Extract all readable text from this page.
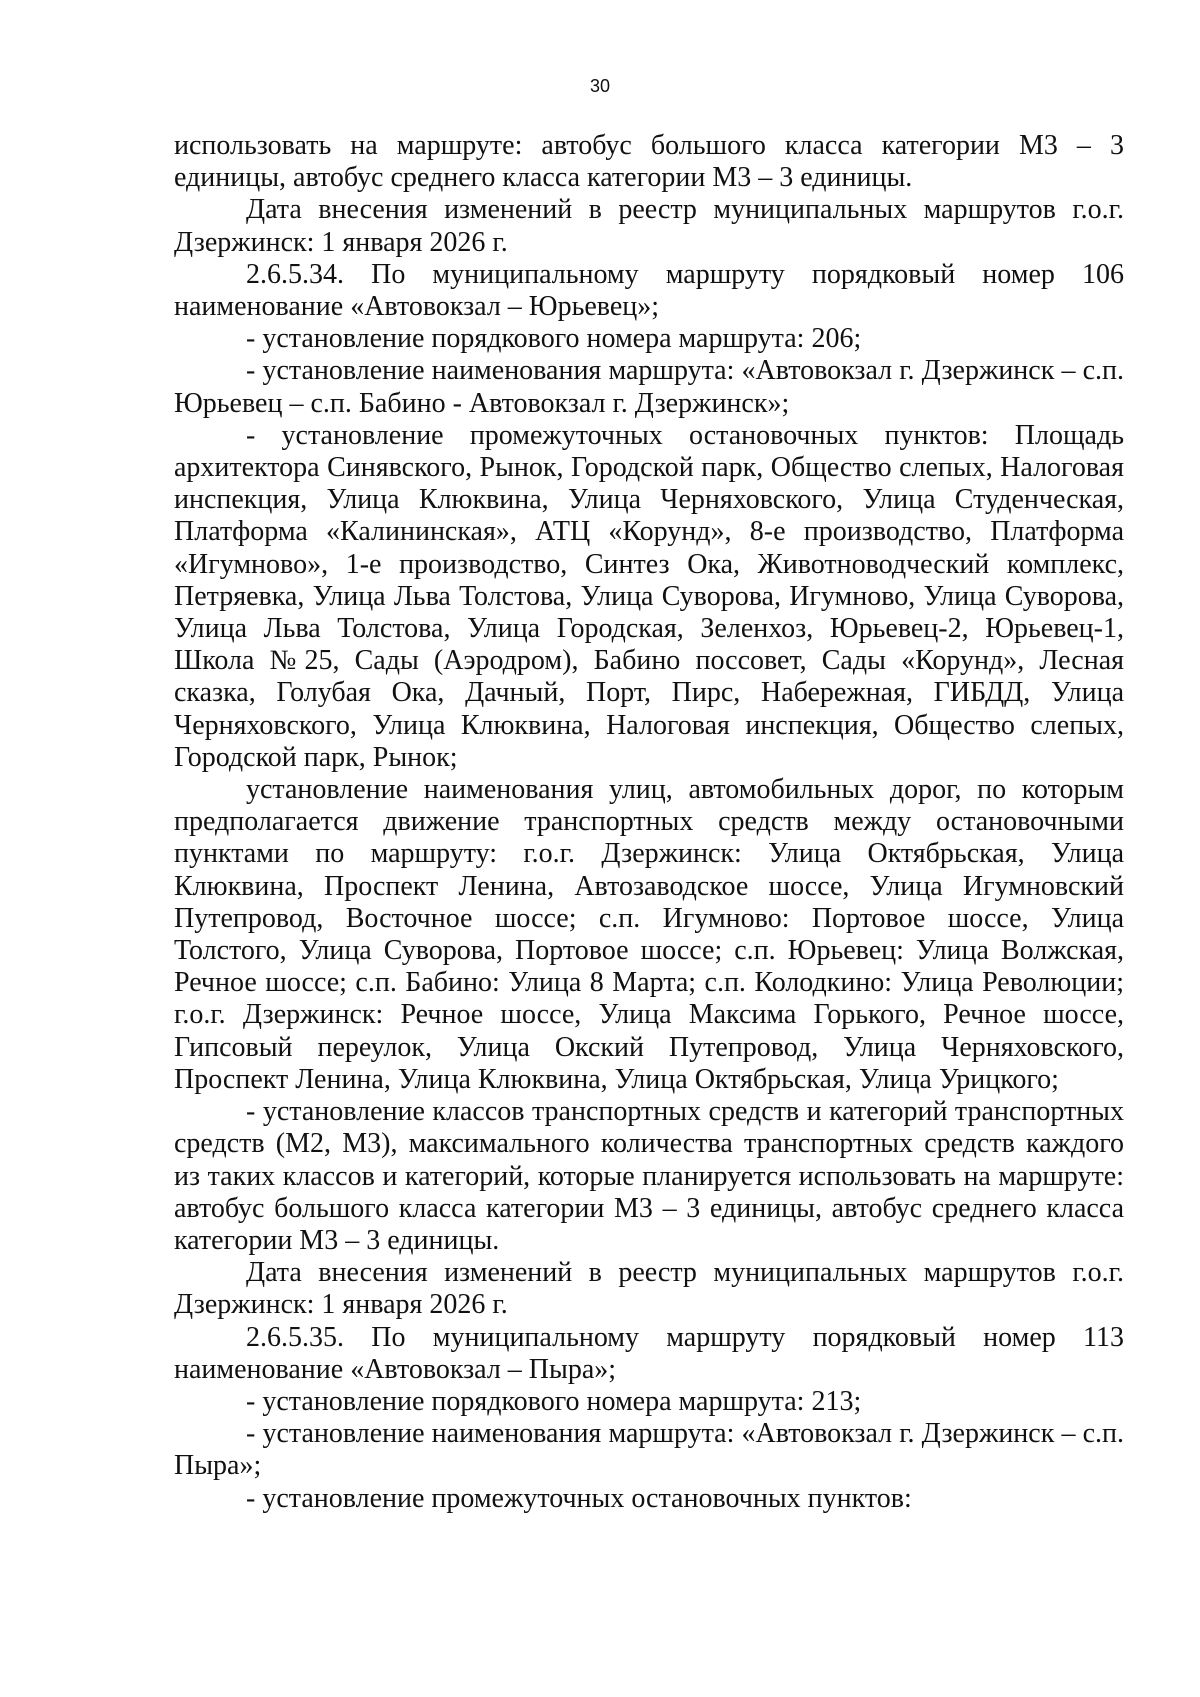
30

использовать на маршруте: автобус большого класса категории М3 – 3 единицы, автобус среднего класса категории М3 – 3 единицы.

Дата внесения изменений в реестр муниципальных маршрутов г.о.г. Дзержинск: 1 января 2026 г.

2.6.5.34. По муниципальному маршруту порядковый номер 106 наименование «Автовокзал – Юрьевец»;

- установление порядкового номера маршрута: 206;

- установление наименования маршрута: «Автовокзал г. Дзержинск – с.п. Юрьевец – с.п. Бабино - Автовокзал г. Дзержинск»;

- установление промежуточных остановочных пунктов: Площадь архитектора Синявского, Рынок, Городской парк, Общество слепых, Налоговая инспекция, Улица Клюквина, Улица Черняховского, Улица Студенческая, Платформа «Калининская», АТЦ «Корунд», 8-е производство, Платформа «Игумново», 1-е производство, Синтез Ока, Животноводческий комплекс, Петряевка, Улица Льва Толстова, Улица Суворова, Игумново, Улица Суворова, Улица Льва Толстова, Улица Городская, Зеленхоз, Юрьевец-2, Юрьевец-1, Школа №25, Сады (Аэродром), Бабино поссовет, Сады «Корунд», Лесная сказка, Голубая Ока, Дачный, Порт, Пирс, Набережная, ГИБДД, Улица Черняховского, Улица Клюквина, Налоговая инспекция, Общество слепых, Городской парк, Рынок;

установление наименования улиц, автомобильных дорог, по которым предполагается движение транспортных средств между остановочными пунктами по маршруту: г.о.г. Дзержинск: Улица Октябрьская, Улица Клюквина, Проспект Ленина, Автозаводское шоссе, Улица Игумновский Путепровод, Восточное шоссе; с.п. Игумново: Портовое шоссе, Улица Толстого, Улица Суворова, Портовое шоссе; с.п. Юрьевец: Улица Волжская, Речное шоссе; с.п. Бабино: Улица 8 Марта; с.п. Колодкино: Улица Революции; г.о.г. Дзержинск: Речное шоссе, Улица Максима Горького, Речное шоссе, Гипсовый переулок, Улица Окский Путепровод, Улица Черняховского, Проспект Ленина, Улица Клюквина, Улица Октябрьская, Улица Урицкого;

- установление классов транспортных средств и категорий транспортных средств (М2, М3), максимального количества транспортных средств каждого из таких классов и категорий, которые планируется использовать на маршруте: автобус большого класса категории М3 – 3 единицы, автобус среднего класса категории М3 – 3 единицы.

Дата внесения изменений в реестр муниципальных маршрутов г.о.г. Дзержинск: 1 января 2026 г.

2.6.5.35. По муниципальному маршруту порядковый номер 113 наименование «Автовокзал – Пыра»;

- установление порядкового номера маршрута: 213;

- установление наименования маршрута: «Автовокзал г. Дзержинск – с.п. Пыра»;

- установление промежуточных остановочных пунктов:
